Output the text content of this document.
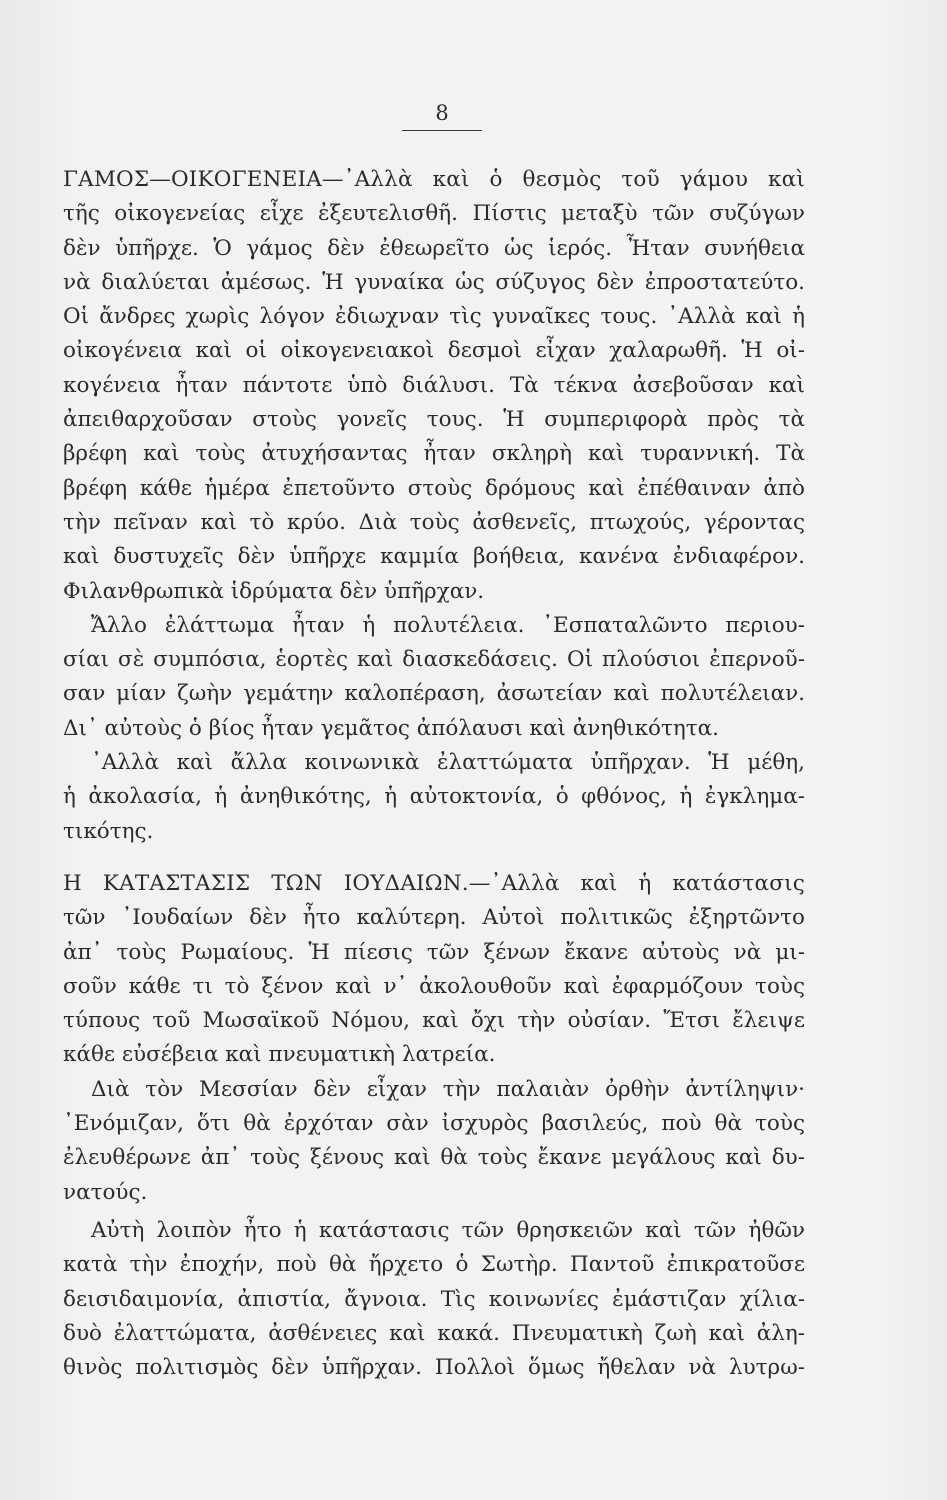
8
ΓΑΜΟΣ—ΟΙΚΟΓΕΝΕΙΑ—᾿Αλλὰ καὶ ὁ θεσμὸς τοῦ γάμου καὶ
τῆς οἰκογενείας εἶχε ἐξευτελισθῆ. Πίστις μεταξὺ τῶν συζύγων
δὲν ὑπῆρχε. Ὁ γάμος δὲν ἐθεωρεῖτο ὡς ἱερός. Ἦταν συνήθεια
νὰ διαλύεται ἀμέσως. Ἡ γυναίκα ὡς σύζυγος δὲν ἐπροστατεύτο.
Οἱ ἄνδρες χωρὶς λόγον ἐδιωχναν τὶς γυναῖκες τους. ᾿Αλλὰ καὶ ἡ
οἰκογένεια καὶ οἱ οἰκογενειακοὶ δεσμοὶ εἶχαν χαλαρωθῆ. Ἡ οἰ-
κογένεια ἦταν πάντοτε ὑπὸ διάλυσι. Τὰ τέκνα ἀσεβοῦσαν καὶ
ἀπειθαρχοῦσαν στοὺς γονεῖς τους. Ἡ συμπεριφορὰ πρὸς τὰ
βρέφη καὶ τοὺς ἀτυχήσαντας ἦταν σκληρὴ καὶ τυραννική. Τὰ
βρέφη κάθε ἡμέρα ἐπετοῦντο στοὺς δρόμους καὶ ἐπέθαιναν ἀπὸ
τὴν πεῖναν καὶ τὸ κρύο. Διὰ τοὺς ἀσθενεῖς, πτωχούς, γέροντας
καὶ δυστυχεῖς δὲν ὑπῆρχε καμμία βοήθεια, κανένα ἐνδιαφέρον.
Φιλανθρωπικὰ ἱδρύματα δὲν ὑπῆρχαν.
Ἄλλο ἐλάττωμα ἦταν ἡ πολυτέλεια. ᾿Εσπαταλῶντο περιου-
σίαι σὲ συμπόσια, ἑορτὲς καὶ διασκεδάσεις. Οἱ πλούσιοι ἐπερνοῦ-
σαν μίαν ζωὴν γεμάτην καλοπέραση, ἀσωτείαν καὶ πολυτέλειαν.
Δι᾿ αὐτοὺς ὁ βίος ἦταν γεμᾶτος ἀπόλαυσι καὶ ἀνηθικότητα.
᾿Αλλὰ καὶ ἄλλα κοινωνικὰ ἐλαττώματα ὑπῆρχαν. Ἡ μέθη,
ἡ ἀκολασία, ἡ ἀνηθικότης, ἡ αὐτοκτονία, ὁ φθόνος, ἡ ἐγκλημα-
τικότης.
Η ΚΑΤΑΣΤΑΣΙΣ ΤΩΝ ΙΟΥΔΑΙΩΝ.—᾿Αλλὰ καὶ ἡ κατάστασις
τῶν ᾿Ιουδαίων δὲν ἦτο καλύτερη. Αὐτοὶ πολιτικῶς ἐξηρτῶντο
ἀπ᾿ τοὺς Ρωμαίους. Ἡ πίεσις τῶν ξένων ἔκανε αὐτοὺς νὰ μι-
σοῦν κάθε τι τὸ ξένον καὶ ν᾿ ἀκολουθοῦν καὶ ἐφαρμόζουν τοὺς
τύπους τοῦ Μωσαϊκοῦ Νόμου, καὶ ὄχι τὴν οὐσίαν. Ἔτσι ἔλειψε
κάθε εὐσέβεια καὶ πνευματικὴ λατρεία.
Διὰ τὸν Μεσσίαν δὲν εἶχαν τὴν παλαιὰν ὀρθὴν ἀντίληψιν·
᾿Ενόμιζαν, ὅτι θὰ ἐρχόταν σὰν ἰσχυρὸς βασιλεύς, ποὺ θὰ τοὺς
ἐλευθέρωνε ἀπ᾿ τοὺς ξένους καὶ θὰ τοὺς ἔκανε μεγάλους καὶ δυ-
νατούς.
Αὐτὴ λοιπὸν ἦτο ἡ κατάστασις τῶν θρησκειῶν καὶ τῶν ἠθῶν
κατὰ τὴν ἐποχήν, ποὺ θὰ ἤρχετο ὁ Σωτὴρ. Παντοῦ ἐπικρατοῦσε
δεισιδαιμονία, ἀπιστία, ἄγνοια. Τὶς κοινωνίες ἐμάστιζαν χίλια-
δυὸ ἐλαττώματα, ἀσθένειες καὶ κακά. Πνευματικὴ ζωὴ καὶ ἀλη-
θινὸς πολιτισμὸς δὲν ὑπῆρχαν. Πολλοὶ ὅμως ἤθελαν νὰ λυτρω-
